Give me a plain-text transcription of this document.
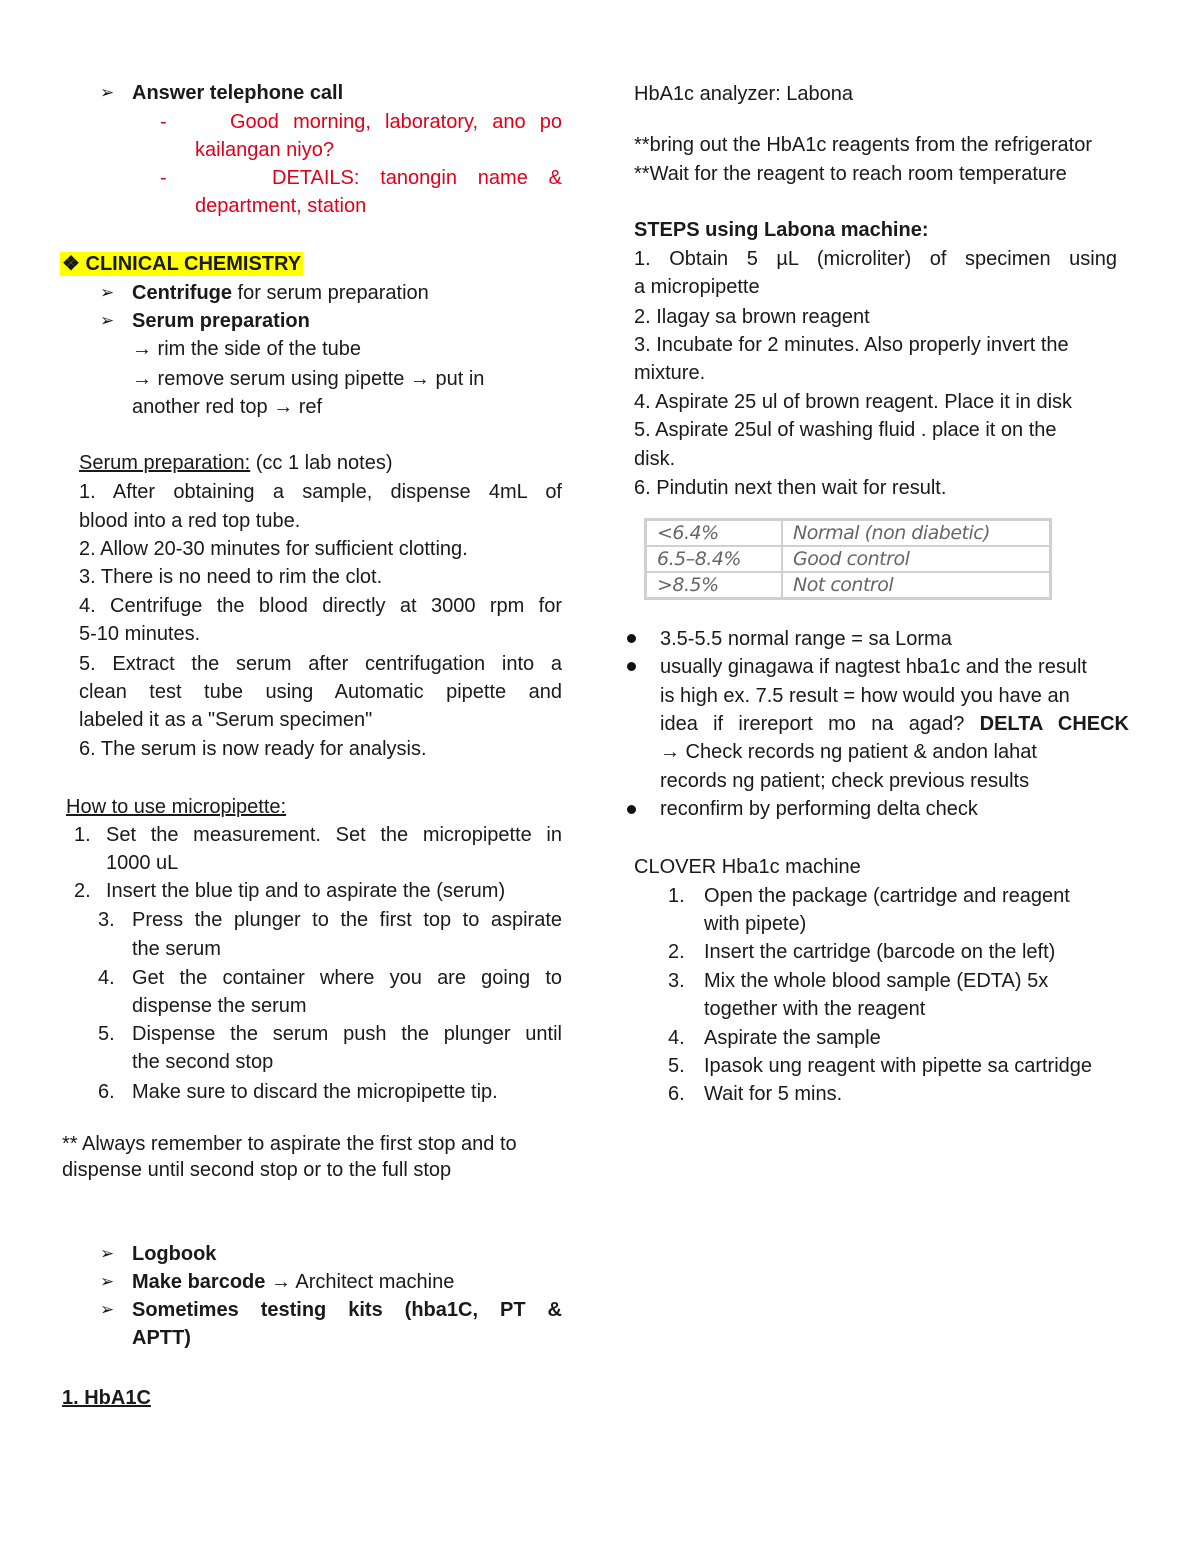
➢ Answer telephone call
-	Good morning, laboratory, ano po
kailangan niyo?
-	DETAILS: tanongin name &
department, station
❖ CLINICAL CHEMISTRY
➢ Centrifuge for serum preparation
➢ Serum preparation
→ rim the side of the tube
→ remove serum using pipette → put in
another red top → ref
Serum preparation: (cc 1 lab notes)
1. After obtaining a sample, dispense 4mL of
blood into a red top tube.
2. Allow 20-30 minutes for sufficient clotting.
3. There is no need to rim the clot.
4. Centrifuge the blood directly at 3000 rpm for
5-10 minutes.
5. Extract the serum after centrifugation into a
clean test tube using Automatic pipette and
labeled it as a "Serum specimen"
6. The serum is now ready for analysis.
How to use micropipette:
1. Set the measurement. Set the micropipette in
1000 uL
2. Insert the blue tip and to aspirate the (serum)
3. Press the plunger to the first top to aspirate
the serum
4. Get the container where you are going to
dispense the serum
5. Dispense the serum push the plunger until
the second stop
6. Make sure to discard the micropipette tip.
** Always remember to aspirate the first stop and to
dispense until second stop or to the full stop
➢ Logbook
➢ Make barcode → Architect machine
➢ Sometimes testing kits (hba1C, PT &
APTT)
1. HbA1C
HbA1c analyzer: Labona
**bring out the HbA1c reagents from the refrigerator
**Wait for the reagent to reach room temperature
STEPS using Labona machine:
1. Obtain 5 µL (microliter) of specimen using
a micropipette
2. Ilagay sa brown reagent
3. Incubate for 2 minutes. Also properly invert the
mixture.
4. Aspirate 25 ul of brown reagent. Place it in disk
5. Aspirate 25ul of washing fluid . place it on the
disk.
6. Pindutin next then wait for result.
<6.4%	Normal (non diabetic)
6.5–8.4%	Good control
>8.5%	Not control
3.5-5.5 normal range = sa Lorma
usually ginagawa if nagtest hba1c and the result
is high ex. 7.5 result = how would you have an
idea if irereport mo na agad? DELTA CHECK
→ Check records ng patient & andon lahat
records ng patient; check previous results
reconfirm by performing delta check
CLOVER Hba1c machine
1. Open the package (cartridge and reagent
with pipete)
2. Insert the cartridge (barcode on the left)
3. Mix the whole blood sample (EDTA) 5x
together with the reagent
4. Aspirate the sample
5. Ipasok ung reagent with pipette sa cartridge
6. Wait for 5 mins.
